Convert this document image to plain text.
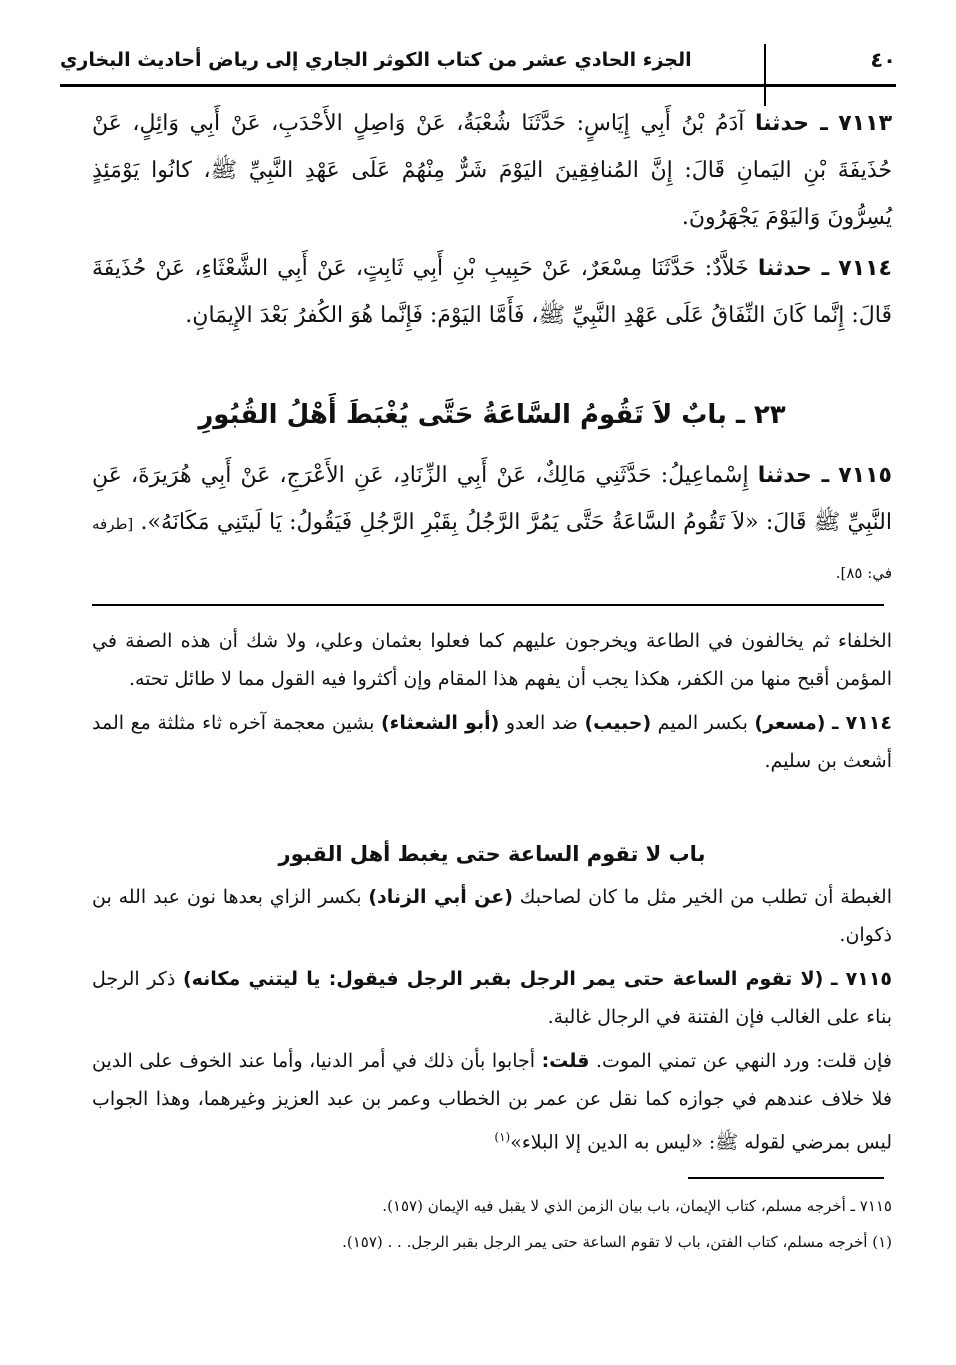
٤٠
الجزء الحادي عشر من كتاب الكوثر الجاري إلى رياض أحاديث البخاري

٧١١٣ ـ حدثنا آدَمُ بْنُ أَبِي إِيَاسٍ: حَدَّثَنَا شُعْبَةُ، عَنْ وَاصِلٍ الأَحْدَبِ، عَنْ أَبِي وَائِلٍ، عَنْ حُذَيفَةَ بْنِ اليَمانِ قَالَ: إِنَّ المُنافِقِينَ اليَوْمَ شَرٌّ مِنْهُمْ عَلَى عَهْدِ النَّبِيِّ ﷺ، كانُوا يَوْمَئِذٍ يُسِرُّونَ وَاليَوْمَ يَجْهَرُونَ.

٧١١٤ ـ حدثنا خَلاَّدٌ: حَدَّثَنَا مِسْعَرٌ، عَنْ حَبِيبِ بْنِ أَبِي ثَابِتٍ، عَنْ أَبِي الشَّعْثَاءِ، عَنْ حُذَيفَةَ قَالَ: إِنَّما كَانَ النِّفَاقُ عَلَى عَهْدِ النَّبِيِّ ﷺ، فَأَمَّا اليَوْمَ: فَإِنَّما هُوَ الكُفرُ بَعْدَ الإِيمَانِ.

٢٣ ـ بابٌ لاَ تَقُومُ السَّاعَةُ حَتَّى يُغْبَطَ أَهْلُ القُبُورِ

٧١١٥ ـ حدثنا إِسْماعِيلُ: حَدَّثَنِي مَالِكٌ، عَنْ أَبِي الزِّنَادِ، عَنِ الأَعْرَجِ، عَنْ أَبِي هُرَيرَةَ، عَنِ النَّبِيِّ ﷺ قَالَ: «لاَ تَقُومُ السَّاعَةُ حَتَّى يَمُرَّ الرَّجُلُ بِقَبْرِ الرَّجُلِ فَيَقُولُ: يَا لَيتَنِي مَكَانَهُ». [طرفه في: ٨٥].

الخلفاء ثم يخالفون في الطاعة ويخرجون عليهم كما فعلوا بعثمان وعلي، ولا شك أن هذه الصفة في المؤمن أقبح منها من الكفر، هكذا يجب أن يفهم هذا المقام وإن أكثروا فيه القول مما لا طائل تحته.

٧١١٤ ـ (مسعر) بكسر الميم (حبيب) ضد العدو (أبو الشعثاء) بشين معجمة آخره ثاء مثلثة مع المد أشعث بن سليم.

باب لا تقوم الساعة حتى يغبط أهل القبور

الغبطة أن تطلب من الخير مثل ما كان لصاحبك (عن أبي الزناد) بكسر الزاي بعدها نون عبد الله بن ذكوان.

٧١١٥ ـ (لا تقوم الساعة حتى يمر الرجل بقبر الرجل فيقول: يا ليتني مكانه) ذكر الرجل بناء على الغالب فإن الفتنة في الرجال غالبة.

فإن قلت: ورد النهي عن تمني الموت. قلت: أجابوا بأن ذلك في أمر الدنيا، وأما عند الخوف على الدين فلا خلاف عندهم في جوازه كما نقل عن عمر بن الخطاب وعمر بن عبد العزيز وغيرهما، وهذا الجواب ليس بمرضي لقوله ﷺ: «ليس به الدين إلا البلاء»$^{(١)}$

٧١١٥ ـ أخرجه مسلم، كتاب الإيمان، باب بيان الزمن الذي لا يقبل فيه الإيمان (١٥٧).

(١) أخرجه مسلم، كتاب الفتن، باب لا تقوم الساعة حتى يمر الرجل بقبر الرجل. . . (١٥٧).
